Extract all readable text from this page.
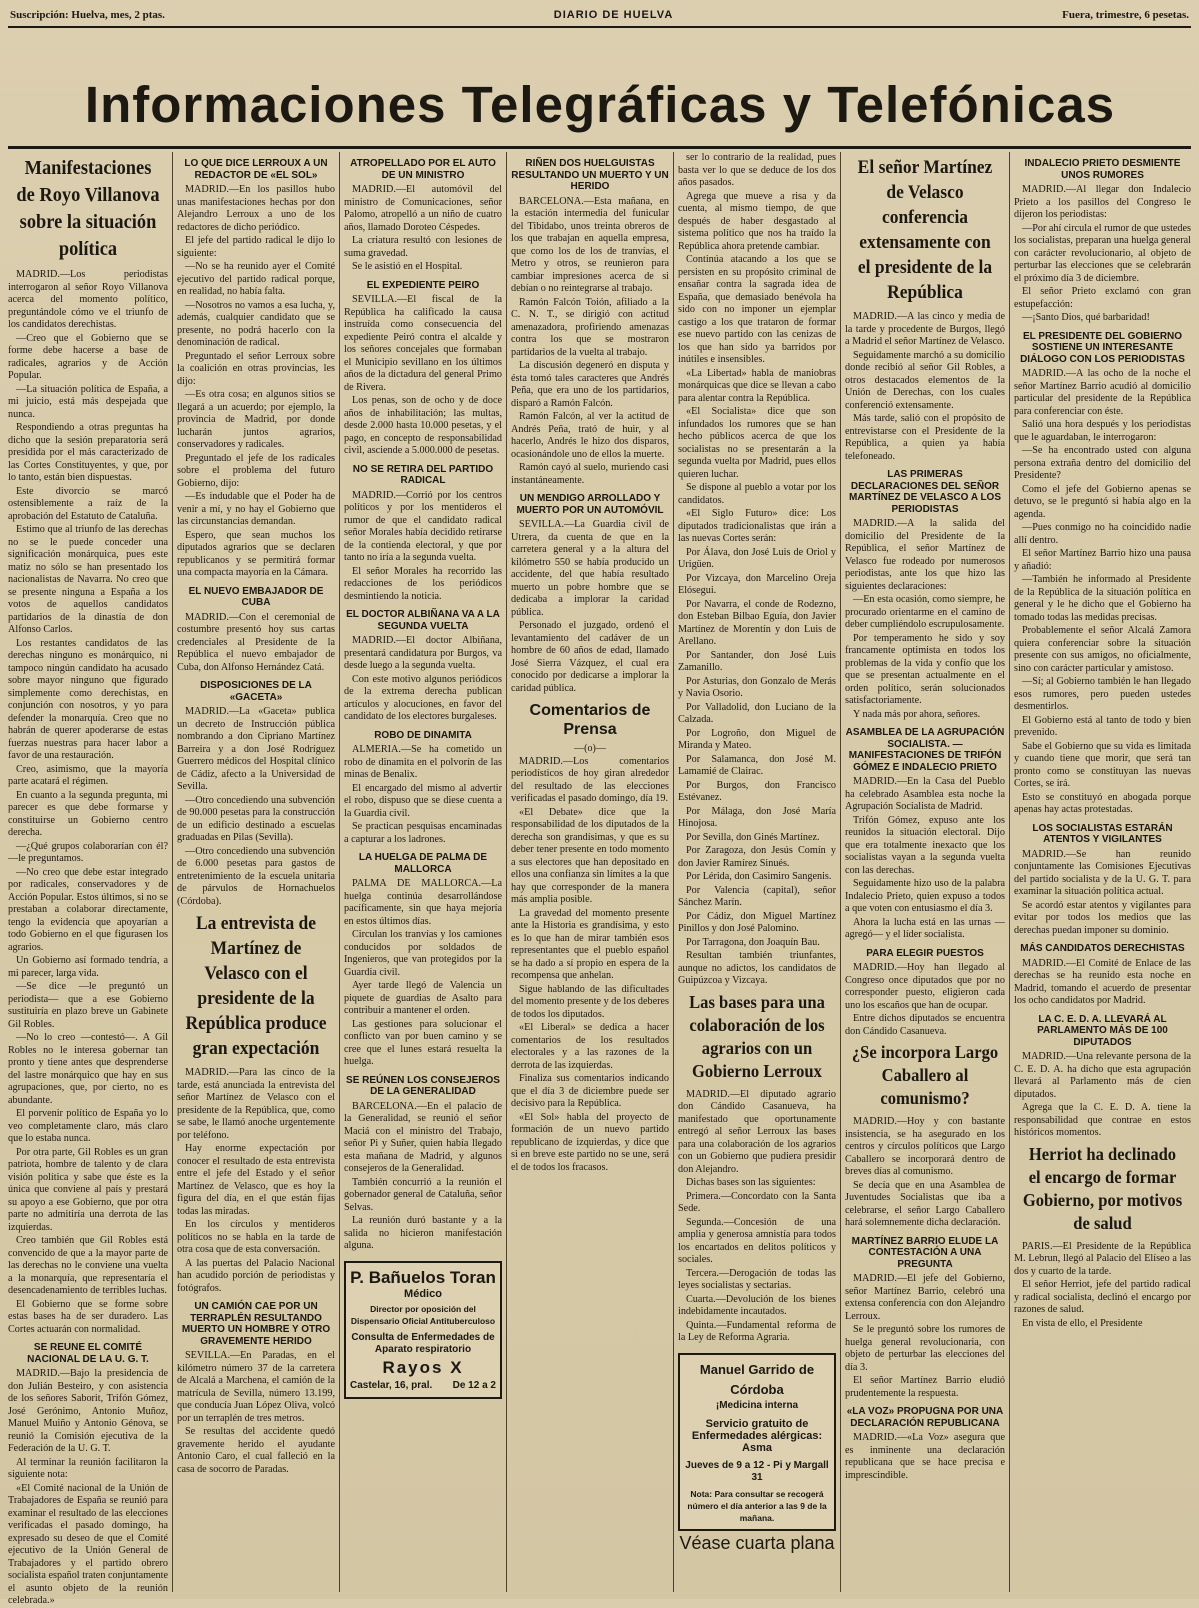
Suscripción: Huelva, mes, 2 ptas.	DIARIO DE HUELVA	Fuera, trimestre, 6 pesetas.
Informaciones Telegráficas y Telefónicas
Manifestaciones de Royo Villanova sobre la situación política

MADRID.—Los periodistas interrogaron al señor Royo Villanova acerca del momento político, preguntándole cómo ve el triunfo de los candidatos derechistas.

—Creo que el Gobierno que se forme debe hacerse a base de radicales, agrarios y de Acción Popular.

—La situación política de España, a mi juicio, está más despejada que nunca.

Respondiendo a otras preguntas ha dicho que la sesión preparatoria será presidida por el más caracterizado de las Cortes Constituyentes, y que, por lo tanto, están bien dispuestas.

Este divorcio se marcó ostensiblemente a raíz de la aprobación del Estatuto de Cataluña.

Estimo que al triunfo de las derechas no se le puede conceder una significación monárquica, pues este matiz no sólo se han presentado los nacionalistas de Navarra. No creo que se presente ninguna a España a los votos de aquellos candidatos partidarios de la dinastía de don Alfonso Carlos.

Los restantes candidatos de las derechas ninguno es monárquico, ni tampoco ningún candidato ha acusado sobre mayor ninguno que figurado simplemente como derechistas, en conjunción con nosotros, y yo para defender la monarquía. Creo que no habrán de querer apoderarse de estas fuerzas nuestras para hacer labor a favor de una restauración.

Creo, asimismo, que la mayoría parte acatará el régimen.

En cuanto a la segunda pregunta, mi parecer es que debe formarse y constituirse un Gobierno centro derecha.

—¿Qué grupos colaborarían con él? —le preguntamos.

—No creo que debe estar integrado por radicales, conservadores y de Acción Popular. Estos últimos, si no se prestaban a colaborar directamente, tengo la evidencia que apoyarían a todo Gobierno en el que figurasen los agrarios.

Un Gobierno así formado tendría, a mi parecer, larga vida.

—Se dice —le preguntó un periodista— que a ese Gobierno sustituiría en plazo breve un Gabinete Gil Robles.

—No lo creo —contestó—. A Gil Robles no le interesa gobernar tan pronto y tiene antes que desprenderse del lastre monárquico que hay en sus agrupaciones, que, por cierto, no es abundante.

El porvenir político de España yo lo veo completamente claro, más claro que lo estaba nunca.

Por otra parte, Gil Robles es un gran patriota, hombre de talento y de clara visión política y sabe que éste es la única que conviene al país y prestará su apoyo a ese Gobierno, que por otra parte no admitiría una derrota de las izquierdas.

Creo también que Gil Robles está convencido de que a la mayor parte de las derechas no le conviene una vuelta a la monarquía, que representaría el desencadenamiento de terribles luchas.

El Gobierno que se forme sobre estas bases ha de ser duradero. Las Cortes actuarán con normalidad.

SE REUNE EL COMITÉ NACIONAL DE LA U. G. T.

MADRID.—Bajo la presidencia de don Julián Besteiro, y con asistencia de los señores Saborit, Trifón Gómez, José Gerónimo, Antonio Muñoz, Manuel Muiño y Antonio Génova, se reunió la Comisión ejecutiva de la Federación de la U. G. T.

Al terminar la reunión facilitaron la siguiente nota:

«El Comité nacional de la Unión de Trabajadores de España se reunió para examinar el resultado de las elecciones verificadas el pasado domingo, ha expresado su deseo de que el Comité ejecutivo de la Unión General de Trabajadores y el partido obrero socialista español traten conjuntamente el asunto objeto de la reunión celebrada.»

LO QUE DICE LERROUX A UN REDACTOR DE «EL SOL»

MADRID.—En los pasillos hubo unas manifestaciones hechas por don Alejandro Lerroux a uno de los redactores de dicho periódico.

El jefe del partido radical le dijo lo siguiente:

—No se ha reunido ayer el Comité ejecutivo del partido radical porque, en realidad, no había falta.

—Nosotros no vamos a esa lucha, y, además, cualquier candidato que se presente, no podrá hacerlo con la denominación de radical.

Preguntado el señor Lerroux sobre la coalición en otras provincias, les dijo:

—Es otra cosa; en algunos sitios se llegará a un acuerdo; por ejemplo, la provincia de Madrid, por donde lucharán juntos agrarios, conservadores y radicales.

Preguntado el jefe de los radicales sobre el problema del futuro Gobierno, dijo:

—Es indudable que el Poder ha de venir a mí, y no hay el Gobierno que las circunstancias demandan.

Espero, que sean muchos los diputados agrarios que se declaren republicanos y se permitirá formar una compacta mayoría en la Cámara.

EL NUEVO EMBAJADOR DE CUBA

MADRID.—Con el ceremonial de costumbre presentó hoy sus cartas credenciales al Presidente de la República el nuevo embajador de Cuba, don Alfonso Hernández Catá.

DISPOSICIONES DE LA «GACETA»

MADRID.—La «Gaceta» publica un decreto de Instrucción pública nombrando a don Cipriano Martínez Barreira y a don José Rodríguez Guerrero médicos del Hospital clínico de Cádiz, afecto a la Universidad de Sevilla.

—Otro concediendo una subvención de 90.000 pesetas para la construcción de un edificio destinado a escuelas graduadas en Pilas (Sevilla).

—Otro concediendo una subvención de 6.000 pesetas para gastos de entretenimiento de la escuela unitaria de párvulos de Hornachuelos (Córdoba).

La entrevista de Martínez de Velasco con el presidente de la República produce gran expectación

MADRID.—Para las cinco de la tarde, está anunciada la entrevista del señor Martínez de Velasco con el presidente de la República, que, como se sabe, le llamó anoche urgentemente por teléfono.

Hay enorme expectación por conocer el resultado de esta entrevista entre el jefe del Estado y el señor Martínez de Velasco, que es hoy la figura del día, en el que están fijas todas las miradas.

En los círculos y mentideros políticos no se habla en la tarde de otra cosa que de esta conversación.

A las puertas del Palacio Nacional han acudido porción de periodistas y fotógrafos.

UN CAMIÓN CAE POR UN TERRAPLÉN RESULTANDO MUERTO UN HOMBRE Y OTRO GRAVEMENTE HERIDO

SEVILLA.—En Paradas, en el kilómetro número 37 de la carretera de Alcalá a Marchena, el camión de la matrícula de Sevilla, número 13.199, que conducía Juan López Oliva, volcó por un terraplén de tres metros.

Se resultas del accidente quedó gravemente herido el ayudante Antonio Caro, el cual falleció en la casa de socorro de Paradas.

ATROPELLADO POR EL AUTO DE UN MINISTRO

MADRID.—El automóvil del ministro de Comunicaciones, señor Palomo, atropelló a un niño de cuatro años, llamado Doroteo Céspedes.

La criatura resultó con lesiones de suma gravedad.

Se le asistió en el Hospital.

EL EXPEDIENTE PEIRO

SEVILLA.—El fiscal de la República ha calificado la causa instruída como consecuencia del expediente Peiró contra el alcalde y los señores concejales que formaban el Municipio sevillano en los últimos años de la dictadura del general Primo de Rivera.

Los penas, son de ocho y de doce años de inhabilitación; las multas, desde 2.000 hasta 10.000 pesetas, y el pago, en concepto de responsabilidad civil, asciende a 5.000.000 de pesetas.

NO SE RETIRA DEL PARTIDO RADICAL

MADRID.—Corrió por los centros políticos y por los mentideros el rumor de que el candidato radical señor Morales había decidido retirarse de la contienda electoral, y que por tanto no iría a la segunda vuelta.

El señor Morales ha recorrido las redacciones de los periódicos desmintiendo la noticia.

EL DOCTOR ALBIÑANA VA A LA SEGUNDA VUELTA

MADRID.—El doctor Albiñana, presentará candidatura por Burgos, va desde luego a la segunda vuelta.

Con este motivo algunos periódicos de la extrema derecha publican artículos y alocuciones, en favor del candidato de los electores burgaleses.

ROBO DE DINAMITA

ALMERIA.—Se ha cometido un robo de dinamita en el polvorín de las minas de Benalix.

El encargado del mismo al advertir el robo, dispuso que se diese cuenta a la Guardia civil.

Se practican pesquisas encaminadas a capturar a los ladrones.

LA HUELGA DE PALMA DE MALLORCA

PALMA DE MALLORCA.—La huelga continúa desarrollándose pacíficamente, sin que haya mejoría en estos últimos días.

Circulan los tranvías y los camiones conducidos por soldados de Ingenieros, que van protegidos por la Guardia civil.

Ayer tarde llegó de Valencia un piquete de guardias de Asalto para contribuir a mantener el orden.

Las gestiones para solucionar el conflicto van por buen camino y se cree que el lunes estará resuelta la huelga.

SE REÚNEN LOS CONSEJEROS DE LA GENERALIDAD

BARCELONA.—En el palacio de la Generalidad, se reunió el señor Maciá con el ministro del Trabajo, señor Pi y Suñer, quien había llegado esta mañana de Madrid, y algunos consejeros de la Generalidad.

También concurrió a la reunión el gobernador general de Cataluña, señor Selvas.

La reunión duró bastante y a la salida no hicieron manifestación alguna.

P. Bañuelos Toran
Médico
Director por oposición del Dispensario Oficial Antituberculoso
Consulta de Enfermedades de Aparato respiratorio
Rayos X
Castelar, 16, pral. De 12 a 2
RIÑEN DOS HUELGUISTAS RESULTANDO UN MUERTO Y UN HERIDO

BARCELONA.—Esta mañana, en la estación intermedia del funicular del Tibidabo, unos treinta obreros de los que trabajan en aquella empresa, que como los de los de tranvías, el Metro y otros, se reunieron para cambiar impresiones acerca de si debían o no reintegrarse al trabajo.

Ramón Falcón Toión, afiliado a la C. N. T., se dirigió con actitud amenazadora, profiriendo amenazas contra los que se mostraron partidarios de la vuelta al trabajo.

La discusión degeneró en disputa y ésta tomó tales caracteres que Andrés Peña, que era uno de los partidarios, disparó a Ramón Falcón.

Ramón Falcón, al ver la actitud de Andrés Peña, trató de huir, y al hacerlo, Andrés le hizo dos disparos, ocasionándole uno de ellos la muerte.

Ramón cayó al suelo, muriendo casi instantáneamente.

UN MENDIGO ARROLLADO Y MUERTO POR UN AUTOMÓVIL

SEVILLA.—La Guardia civil de Utrera, da cuenta de que en la carretera general y a la altura del kilómetro 550 se había producido un accidente, del que había resultado muerto un pobre hombre que se dedicaba a implorar la caridad pública.

Personado el juzgado, ordenó el levantamiento del cadáver de un hombre de 60 años de edad, llamado José Sierra Vázquez, el cual era conocido por dedicarse a implorar la caridad pública.

Comentarios de Prensa
—(o)—

MADRID.—Los comentarios periodísticos de hoy giran alrededor del resultado de las elecciones verificadas el pasado domingo, día 19.

«El Debate» dice que la responsabilidad de los diputados de la derecha son grandísimas, y que es su deber tener presente en todo momento a sus electores que han depositado en ellos una confianza sin límites a la que hay que corresponder de la manera más amplia posible.

La gravedad del momento presente ante la Historia es grandísima, y esto es lo que han de mirar también esos representantes que el pueblo español se ha dado a sí propio en espera de la recompensa que anhelan.

Sigue hablando de las dificultades del momento presente y de los deberes de todos los diputados.

«El Liberal» se dedica a hacer comentarios de los resultados electorales y a las razones de la derrota de las izquierdas.

Finaliza sus comentarios indicando que el día 3 de diciembre puede ser decisivo para la República.

«El Sol» habla del proyecto de formación de un nuevo partido republicano de izquierdas, y dice que si en breve este partido no se une, será el de todos los fracasos.

ser lo contrario de la realidad, pues basta ver lo que se deduce de los dos años pasados.

Agrega que mueve a risa y da cuenta, al mismo tiempo, de que después de haber desgastado al sistema político que nos ha traído la República ahora pretende cambiar.

Continúa atacando a los que se persisten en su propósito criminal de ensañar contra la sagrada idea de España, que demasiado benévola ha sido con no imponer un ejemplar castigo a los que trataron de formar ese nuevo partido con las cenizas de los que han sido ya barridos por inútiles e insensibles.

«La Libertad» habla de maniobras monárquicas que dice se llevan a cabo para alentar contra la República.

«El Socialista» dice que son infundados los rumores que se han hecho públicos acerca de que los socialistas no se presentarán a la segunda vuelta por Madrid, pues ellos quieren luchar.

Se dispone al pueblo a votar por los candidatos.

«El Siglo Futuro» dice: Los diputados tradicionalistas que irán a las nuevas Cortes serán:

Por Álava, don José Luis de Oriol y Urigüen.

Por Vizcaya, don Marcelino Oreja Elósegui.

Por Navarra, el conde de Rodezno, don Esteban Bilbao Eguía, don Javier Martínez de Morentín y don Luis de Arellano.

Por Santander, don José Luis Zamanillo.

Por Asturias, don Gonzalo de Merás y Navia Osorio.

Por Valladolid, don Luciano de la Calzada.

Por Logroño, don Miguel de Miranda y Mateo.

Por Salamanca, don José M. Lamamié de Clairac.

Por Burgos, don Francisco Estévanez.

Por Málaga, don José María Hinojosa.

Por Sevilla, don Ginés Martínez.

Por Zaragoza, don Jesús Comín y don Javier Ramírez Sinués.

Por Lérida, don Casimiro Sangenis.

Por Valencia (capital), señor Sánchez Marín.

Por Cádiz, don Miguel Martínez Pinillos y don José Palomino.

Por Tarragona, don Joaquín Bau.

Resultan también triunfantes, aunque no adictos, los candidatos de Guipúzcoa y Vizcaya.

Las bases para una colaboración de los agrarios con un Gobierno Lerroux

MADRID.—El diputado agrario don Cándido Casanueva, ha manifestado que oportunamente entregó al señor Lerroux las bases para una colaboración de los agrarios con un Gobierno que pudiera presidir don Alejandro.

Dichas bases son las siguientes:

Primera.—Concordato con la Santa Sede.

Segunda.—Concesión de una amplia y generosa amnistía para todos los encartados en delitos políticos y sociales.

Tercera.—Derogación de todas las leyes socialistas y sectarias.

Cuarta.—Devolución de los bienes indebidamente incautados.

Quinta.—Fundamental reforma de la Ley de Reforma Agraria.

Manuel Garrido de Córdoba
¡Medicina interna
Servicio gratuito de Enfermedades alérgicas: Asma
Jueves de 9 a 12 - Pi y Margall 31
Nota: Para consultar se recogerá número el día anterior a las 9 de la mañana.
Véase cuarta plana
El señor Martínez de Velasco conferencia extensamente con el presidente de la República

MADRID.—A las cinco y media de la tarde y procedente de Burgos, llegó a Madrid el señor Martínez de Velasco.

Seguidamente marchó a su domicilio donde recibió al señor Gil Robles, a otros destacados elementos de la Unión de Derechas, con los cuales conferenció extensamente.

Más tarde, salió con el propósito de entrevistarse con el Presidente de la República, a quien ya había telefoneado.

LAS PRIMERAS DECLARACIONES DEL SEÑOR MARTÍNEZ DE VELASCO A LOS PERIODISTAS

MADRID.—A la salida del domicilio del Presidente de la República, el señor Martínez de Velasco fue rodeado por numerosos periodistas, ante los que hizo las siguientes declaraciones:

—En esta ocasión, como siempre, he procurado orientarme en el camino de deber cumpliéndolo escrupulosamente.

Por temperamento he sido y soy francamente optimista en todos los problemas de la vida y confío que los que se presentan actualmente en el orden político, serán solucionados satisfactoriamente.

Y nada más por ahora, señores.

ASAMBLEA DE LA AGRUPACIÓN SOCIALISTA. —MANIFESTACIONES DE TRIFÓN GÓMEZ E INDALECIO PRIETO

MADRID.—En la Casa del Pueblo ha celebrado Asamblea esta noche la Agrupación Socialista de Madrid.

Trifón Gómez, expuso ante los reunidos la situación electoral. Dijo que era totalmente inexacto que los socialistas vayan a la segunda vuelta con las derechas.

Seguidamente hizo uso de la palabra Indalecio Prieto, quien expuso a todos a que voten con entusiasmo el día 3.

Ahora la lucha está en las urnas —agregó— y el líder socialista.

PARA ELEGIR PUESTOS

MADRID.—Hoy han llegado al Congreso once diputados que por no corresponder puesto, eligieron cada uno los escaños que han de ocupar.

Entre dichos diputados se encuentra don Cándido Casanueva.

¿Se incorpora Largo Caballero al comunismo?

MADRID.—Hoy y con bastante insistencia, se ha asegurado en los centros y círculos políticos que Largo Caballero se incorporará dentro de breves días al comunismo.

Se decía que en una Asamblea de Juventudes Socialistas que iba a celebrarse, el señor Largo Caballero hará solemnemente dicha declaración.

MARTÍNEZ BARRIO ELUDE LA CONTESTACIÓN A UNA PREGUNTA

MADRID.—El jefe del Gobierno, señor Martínez Barrio, celebró una extensa conferencia con don Alejandro Lerroux.

Se le preguntó sobre los rumores de huelga general revolucionaria, con objeto de perturbar las elecciones del día 3.

El señor Martínez Barrio eludió prudentemente la respuesta.

«LA VOZ» PROPUGNA POR UNA DECLARACIÓN REPUBLICANA

MADRID.—«La Voz» asegura que es inminente una declaración republicana que se hace precisa e imprescindible.

INDALECIO PRIETO DESMIENTE UNOS RUMORES

MADRID.—Al llegar don Indalecio Prieto a los pasillos del Congreso le dijeron los periodistas:

—Por ahí circula el rumor de que ustedes los socialistas, preparan una huelga general con carácter revolucionario, al objeto de perturbar las elecciones que se celebrarán el próximo día 3 de diciembre.

El señor Prieto exclamó con gran estupefacción:

—¡Santo Dios, qué barbaridad!

EL PRESIDENTE DEL GOBIERNO SOSTIENE UN INTERESANTE DIÁLOGO CON LOS PERIODISTAS

MADRID.—A las ocho de la noche el señor Martínez Barrio acudió al domicilio particular del presidente de la República para conferenciar con éste.

Salió una hora después y los periodistas que le aguardaban, le interrogaron:

—Se ha encontrado usted con alguna persona extraña dentro del domicilio del Presidente?

Como el jefe del Gobierno apenas se detuvo, se le preguntó si había algo en la agenda.

—Pues conmigo no ha coincidido nadie allí dentro.

El señor Martínez Barrio hizo una pausa y añadió:

—También he informado al Presidente de la República de la situación política en general y le he dicho que el Gobierno ha tomado todas las medidas precisas.

Probablemente el señor Alcalá Zamora quiera conferenciar sobre la situación presente con sus amigos, no oficialmente, sino con carácter particular y amistoso.

—Sí; al Gobierno también le han llegado esos rumores, pero pueden ustedes desmentirlos.

El Gobierno está al tanto de todo y bien prevenido.

Sabe el Gobierno que su vida es limitada y cuando tiene que morir, que será tan pronto como se constituyan las nuevas Cortes, se irá.

Esto se constituyó en abogada porque apenas hay actas protestadas.

LOS SOCIALISTAS ESTARÁN ATENTOS Y VIGILANTES

MADRID.—Se han reunido conjuntamente las Comisiones Ejecutivas del partido socialista y de la U. G. T. para examinar la situación política actual.

Se acordó estar atentos y vigilantes para evitar por todos los medios que las derechas puedan imponer su dominio.

MÁS CANDIDATOS DERECHISTAS

MADRID.—El Comité de Enlace de las derechas se ha reunido esta noche en Madrid, tomando el acuerdo de presentar los ocho candidatos por Madrid.

LA C. E. D. A. LLEVARÁ AL PARLAMENTO MÁS DE 100 DIPUTADOS

MADRID.—Una relevante persona de la C. E. D. A. ha dicho que esta agrupación llevará al Parlamento más de cien diputados.

Agrega que la C. E. D. A. tiene la responsabilidad que contrae en estos históricos momentos.

Herriot ha declinado el encargo de formar Gobierno, por motivos de salud

PARIS.—El Presidente de la República M. Lebrun, llegó al Palacio del Elíseo a las dos y cuarto de la tarde.

El señor Herriot, jefe del partido radical y radical socialista, declinó el encargo por razones de salud.

En vista de ello, el Presidente
